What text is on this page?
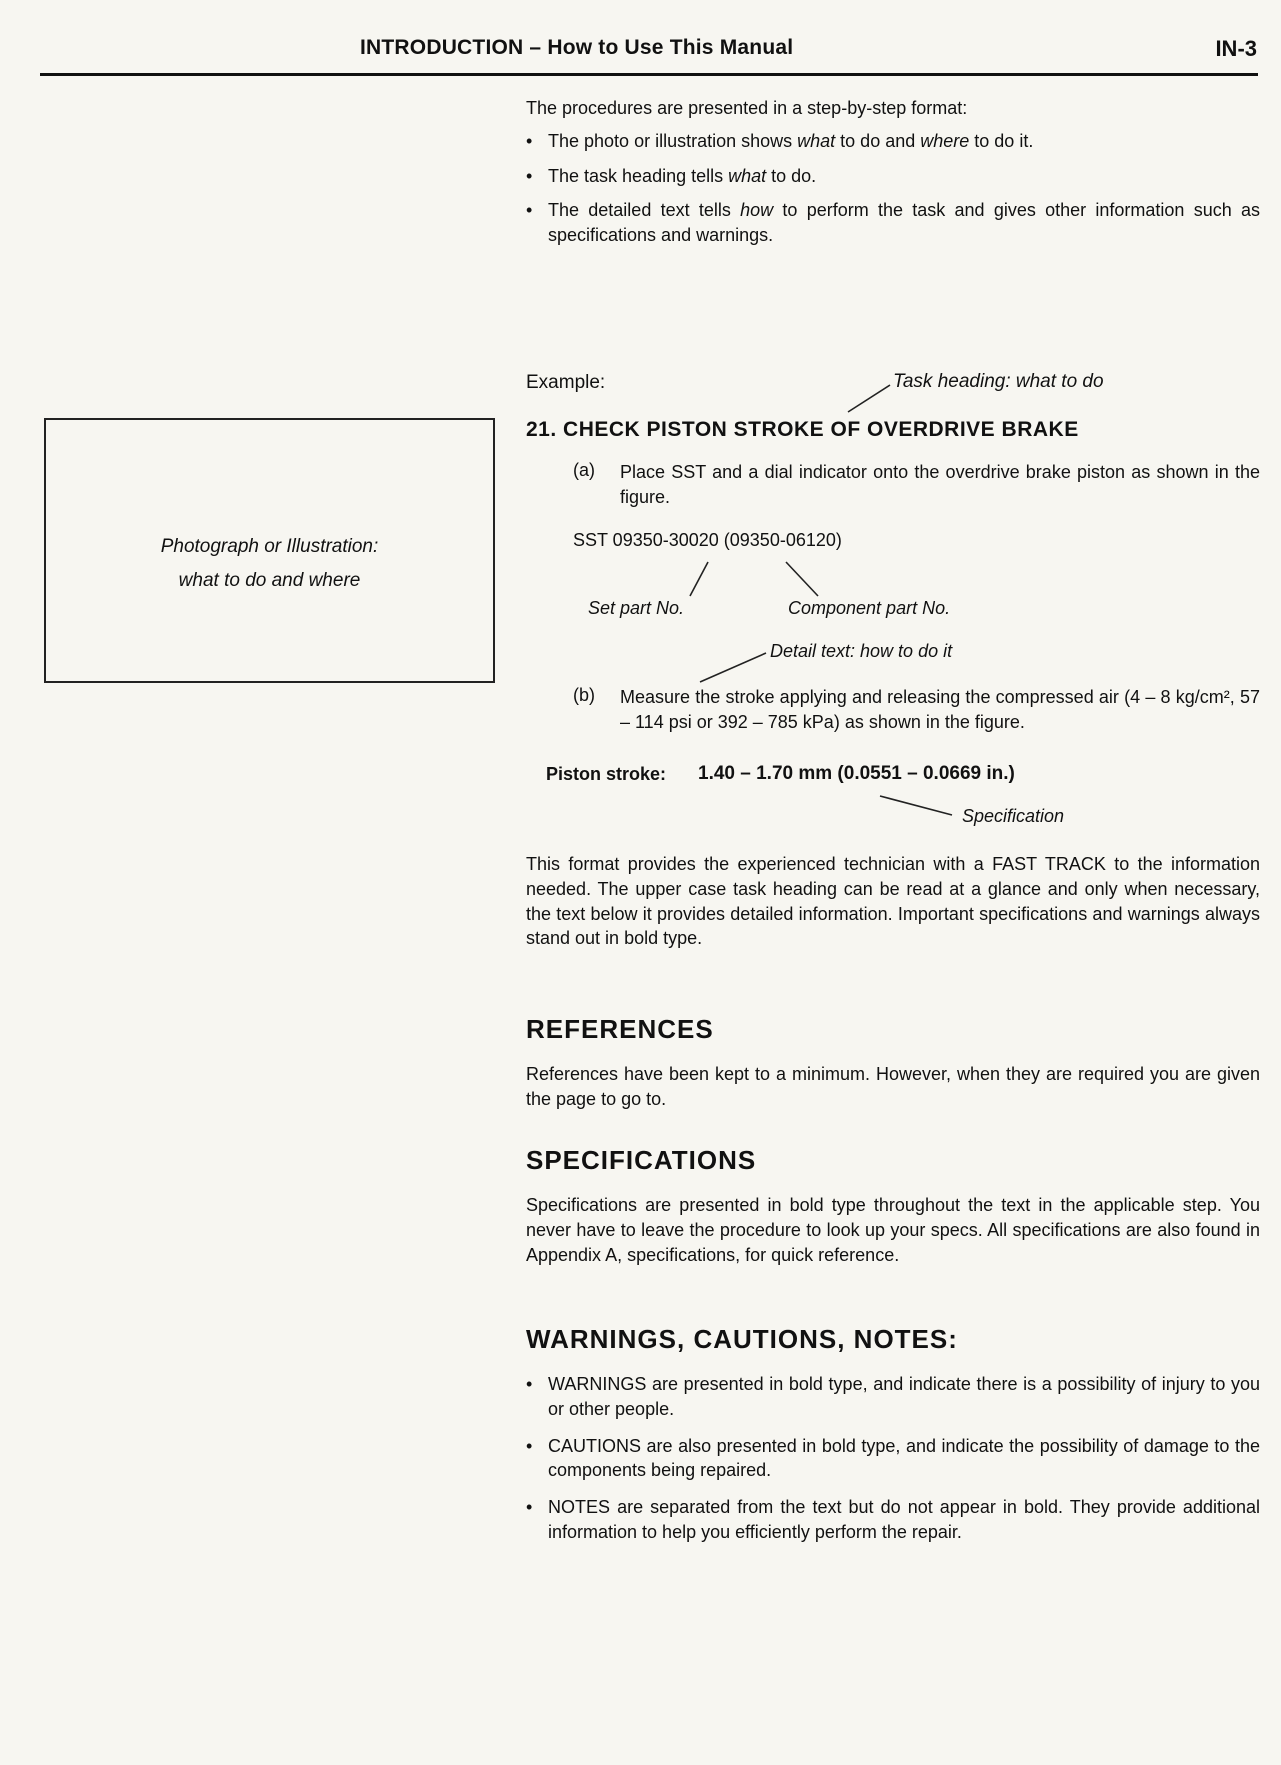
INTRODUCTION – How to Use This Manual	IN-3

The procedures are presented in a step-by-step format:

• The photo or illustration shows what to do and where to do it.

• The task heading tells what to do.

• The detailed text tells how to perform the task and gives other information such as specifications and warnings.

Photograph or Illustration:
what to do and where
Example:	Task heading: what to do
21. CHECK PISTON STROKE OF OVERDRIVE BRAKE
(a) Place SST and a dial indicator onto the overdrive brake piston as shown in the figure.
SST 09350-30020 (09350-06120)
Set part No.	Component part No.
Detail text: how to do it
(b) Measure the stroke applying and releasing the compressed air (4 – 8 kg/cm², 57 – 114 psi or 392 – 785 kPa) as shown in the figure.
Piston stroke: 1.40 – 1.70 mm (0.0551 – 0.0669 in.)
Specification
This format provides the experienced technician with a FAST TRACK to the information needed. The upper case task heading can be read at a glance and only when necessary, the text below it provides detailed information. Important specifications and warnings always stand out in bold type.
REFERENCES
References have been kept to a minimum. However, when they are required you are given the page to go to.
SPECIFICATIONS
Specifications are presented in bold type throughout the text in the applicable step. You never have to leave the procedure to look up your specs. All specifications are also found in Appendix A, specifications, for quick reference.
WARNINGS, CAUTIONS, NOTES:

• WARNINGS are presented in bold type, and indicate there is a possibility of injury to you or other people.

• CAUTIONS are also presented in bold type, and indicate the possibility of damage to the components being repaired.

• NOTES are separated from the text but do not appear in bold. They provide additional information to help you efficiently perform the repair.
